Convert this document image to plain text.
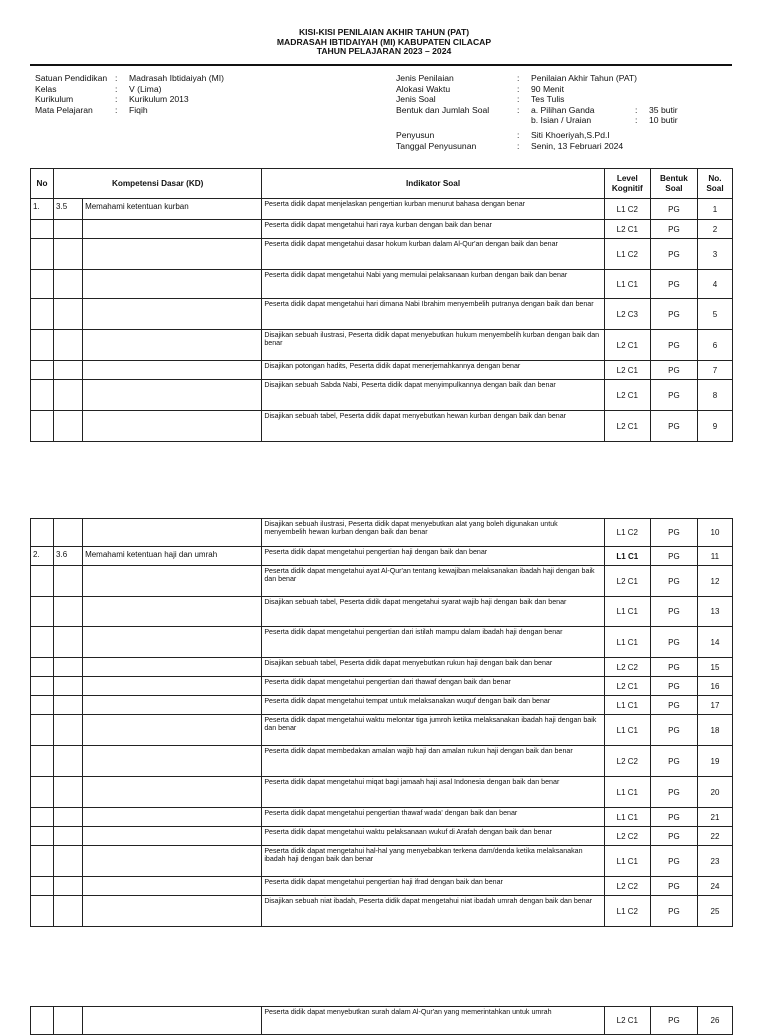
KISI-KISI PENILAIAN AKHIR TAHUN (PAT)
MADRASAH IBTIDAIYAH (MI) KABUPATEN CILACAP
TAHUN PELAJARAN 2023 – 2024
Satuan Pendidikan :	Madrasah Ibtidaiyah (MI)
Kelas	:	V (Lima)
Kurikulum	:	Kurikulum 2013
Mata Pelajaran	:	Fiqih
Jenis Penilaian	:	Penilaian Akhir Tahun (PAT)
Alokasi Waktu	:	90 Menit
Jenis Soal	:	Tes Tulis
Bentuk dan Jumlah Soal	:	a. Pilihan Ganda	:	35 butir
b. Isian / Uraian	:	10 butir
Penyusun	:	Siti Khoeriyah,S.Pd.I
Tanggal Penyusunan	:	Senin, 13 Februari 2024
No	Kompetensi Dasar (KD)		Indikator Soal	Level Kognitif	Bentuk Soal	No. Soal
1.	3.5	Memahami ketentuan kurban	Peserta didik dapat menjelaskan pengertian kurban menurut bahasa dengan benar	L1 C2	PG	1
			Peserta didik dapat mengetahui hari raya kurban dengan baik dan benar	L2 C1	PG	2
			Peserta didik dapat mengetahui dasar hokum kurban dalam Al-Qur'an dengan baik dan benar	L1 C2	PG	3
			Peserta didik dapat mengetahui Nabi yang memulai pelaksanaan kurban dengan baik dan benar	L1 C1	PG	4
			Peserta didik dapat mengetahui hari dimana Nabi Ibrahim menyembelih putranya dengan baik dan benar	L2 C3	PG	5
			Disajikan sebuah ilustrasi, Peserta didik dapat menyebutkan hukum menyembelih kurban dengan baik dan benar	L2 C1	PG	6
			Disajikan potongan hadits, Peserta didik dapat menerjemahkannya dengan benar	L2 C1	PG	7
			Disajikan sebuah Sabda Nabi, Peserta didik dapat menyimpulkannya dengan baik dan benar	L2 C1	PG	8
			Disajikan sebuah tabel, Peserta didik dapat menyebutkan hewan kurban dengan baik dan benar	L2 C1	PG	9
			Disajikan sebuah ilustrasi, Peserta didik dapat menyebutkan alat yang boleh digunakan untuk menyembelih hewan kurban dengan baik dan benar	L1 C2	PG	10
2.	3.6	Memahami ketentuan haji dan umrah	Peserta didik dapat mengetahui pengertian haji dengan baik dan benar	L1 C1	PG	11
			Peserta didik dapat mengetahui ayat Al-Qur'an tentang kewajiban melaksanakan ibadah haji dengan baik dan benar	L2 C1	PG	12
			Disajikan sebuah tabel, Peserta didik dapat mengetahui syarat wajib haji dengan baik dan benar	L1 C1	PG	13
			Peserta didik dapat mengetahui pengertian dari istilah mampu dalam ibadah haji dengan benar	L1 C1	PG	14
			Disajikan sebuah tabel, Peserta didik dapat menyebutkan rukun haji dengan baik dan benar	L2 C2	PG	15
			Peserta didik dapat mengetahui pengertian dari thawaf dengan baik dan benar	L2 C1	PG	16
			Peserta didik dapat mengetahui tempat untuk melaksanakan wuquf dengan baik dan benar	L1 C1	PG	17
			Peserta didik dapat mengetahui waktu melontar tiga jumroh ketika melaksanakan ibadah haji dengan baik dan benar	L1 C1	PG	18
			Peserta didik dapat membedakan amalan wajib haji dan amalan rukun haji dengan baik dan benar	L2 C2	PG	19
			Peserta didik dapat mengetahui miqat bagi jamaah haji asal Indonesia dengan baik dan benar	L1 C1	PG	20
			Peserta didik dapat mengetahui pengertian thawaf wada' dengan baik dan benar	L1 C1	PG	21
			Peserta didik dapat mengetahui waktu pelaksanaan wukuf di Arafah dengan baik dan benar	L2 C2	PG	22
			Peserta didik dapat mengetahui hal-hal yang menyebabkan terkena dam/denda ketika melaksanakan ibadah haji dengan baik dan benar	L1 C1	PG	23
			Peserta didik dapat mengetahui pengertian haji ifrad dengan baik dan benar	L2 C2	PG	24
			Disajikan sebuah niat ibadah, Peserta didik dapat mengetahui niat ibadah umrah dengan baik dan benar	L1 C2	PG	25
			Peserta didik dapat menyebutkan surah dalam Al-Qur'an yang memerintahkan untuk umrah	L2 C1	PG	26
